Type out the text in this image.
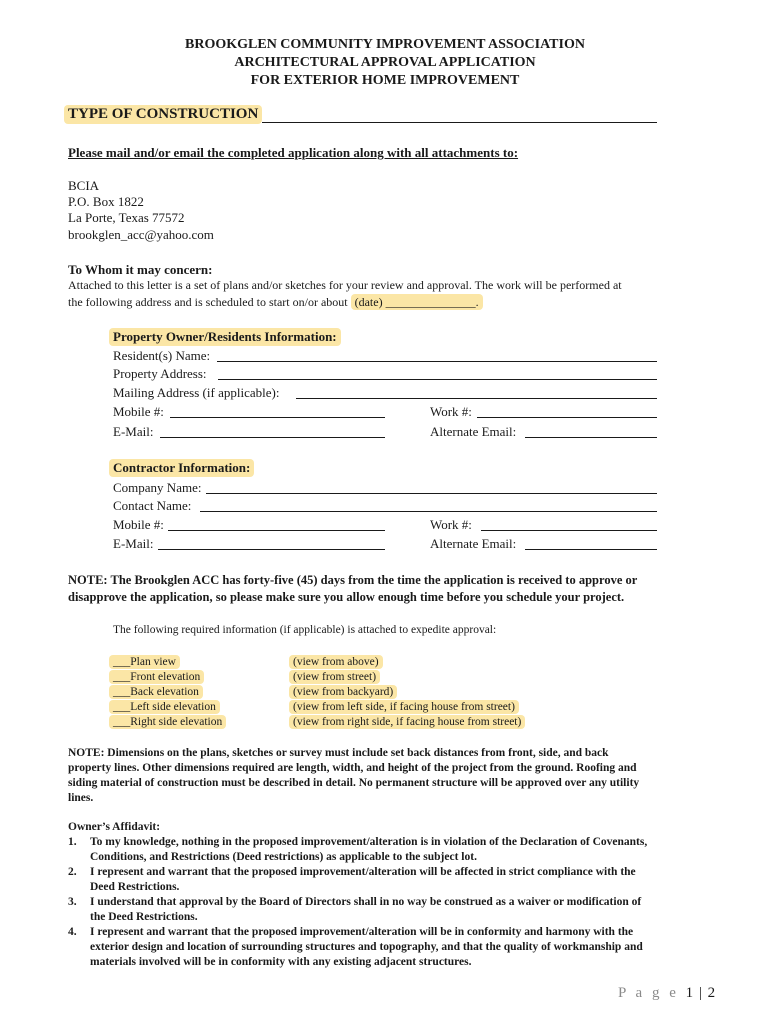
BROOKGLEN COMMUNITY IMPROVEMENT ASSOCIATION
ARCHITECTURAL APPROVAL APPLICATION
FOR EXTERIOR HOME IMPROVEMENT
TYPE OF CONSTRUCTION
Please mail and/or email the completed application along with all attachments to:
BCIA
P.O. Box 1822
La Porte, Texas 77572
brookglen_acc@yahoo.com
To Whom it may concern:
Attached to this letter is a set of plans and/or sketches for your review and approval. The work will be performed at
the following address and is scheduled to start on/or about (date) _______________.
Property Owner/Residents Information:
Resident(s) Name:
Property Address:
Mailing Address (if applicable):
Mobile #:	Work #:
E-Mail:	Alternate Email:
Contractor Information:
Company Name:
Contact Name:
Mobile #:	Work #:
E-Mail:	Alternate Email:
NOTE: The Brookglen ACC has forty-five (45) days from the time the application is received to approve or
disapprove the application, so please make sure you allow enough time before you schedule your project.
The following required information (if applicable) is attached to expedite approval:
___Plan view	(view from above)
___Front elevation	(view from street)
___Back elevation	(view from backyard)
___Left side elevation	(view from left side, if facing house from street)
___Right side elevation	(view from right side, if facing house from street)
NOTE: Dimensions on the plans, sketches or survey must include set back distances from front, side, and back
property lines. Other dimensions required are length, width, and height of the project from the ground. Roofing and
siding material of construction must be described in detail. No permanent structure will be approved over any utility
lines.
Owner’s Affidavit:
1. To my knowledge, nothing in the proposed improvement/alteration is in violation of the Declaration of Covenants,
Conditions, and Restrictions (Deed restrictions) as applicable to the subject lot.
2. I represent and warrant that the proposed improvement/alteration will be affected in strict compliance with the
Deed Restrictions.
3. I understand that approval by the Board of Directors shall in no way be construed as a waiver or modification of
the Deed Restrictions.
4. I represent and warrant that the proposed improvement/alteration will be in conformity and harmony with the
exterior design and location of surrounding structures and topography, and that the quality of workmanship and
materials involved will be in conformity with any existing adjacent structures.
P a g e 1 | 2
